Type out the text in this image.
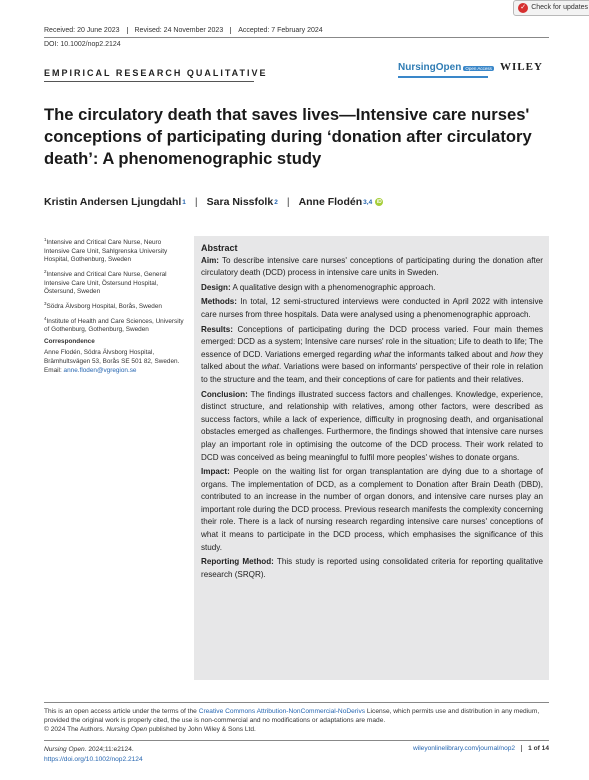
✓ Check for updates
Received: 20 June 2023	Revised: 24 November 2023	Accepted: 7 February 2024
DOI: 10.1002/nop2.2124
EMPIRICAL RESEARCH QUALITATIVE	NursingOpen Open Access WILEY
The circulatory death that saves lives—Intensive care nurses' conceptions of participating during ‘donation after circulatory death’: A phenomenographic study
Kristin Andersen Ljungdahl 1 | Sara Nissfolk 2 | Anne Flodén 3,4 iD

$^1$Intensive and Critical Care Nurse, Neuro Intensive Care Unit, Sahlgrenska University Hospital, Gothenburg, Sweden

$^2$Intensive and Critical Care Nurse, General Intensive Care Unit, Östersund Hospital, Östersund, Sweden

$^3$Södra Älvsborg Hospital, Borås, Sweden

$^4$Institute of Health and Care Sciences, University of Gothenburg, Gothenburg, Sweden

Correspondence

Anne Flodén, Södra Älvsborg Hospital, Brämhultsvägen 53, Borås SE 501 82, Sweden.
Email: anne.floden@vgregion.se

Abstract

Aim: To describe intensive care nurses' conceptions of participating during the donation after circulatory death (DCD) process in intensive care units in Sweden.

Design: A qualitative design with a phenomenographic approach.

Methods: In total, 12 semi-structured interviews were conducted in April 2022 with intensive care nurses from three hospitals. Data were analysed using a phenomenographic approach.

Results: Conceptions of participating during the DCD process varied. Four main themes emerged: DCD as a system; Intensive care nurses' role in the situation; Life to death to life; The essence of DCD. Variations emerged regarding what the informants talked about and how they talked about the what. Variations were based on informants' perspective of their role in relation to the structure and the team, and their conceptions of care for patients and their relatives.

Conclusion: The findings illustrated success factors and challenges. Knowledge, experience, distinct structure, and relationship with relatives, among other factors, were described as success factors, while a lack of experience, difficulty in prognosing death, and organisational obstacles emerged as challenges. Furthermore, the findings showed that intensive care nurses play an important role in optimising the outcome of the DCD process. Their work related to DCD was conceived as being meaningful to fulfil more peoples' wishes to donate organs.

Impact: People on the waiting list for organ transplantation are dying due to a shortage of organs. The implementation of DCD, as a complement to Donation after Brain Death (DBD), contributed to an increase in the number of organ donors, and intensive care nurses play an important role during the DCD process. Previous research manifests the complexity concerning their role. There is a lack of nursing research regarding intensive care nurses' conceptions of what it means to participate in the DCD process, which emphasises the significance of this study.

Reporting Method: This study is reported using consolidated criteria for reporting qualitative research (SRQR).

This is an open access article under the terms of the Creative Commons Attribution-NonCommercial-NoDerivs License, which permits use and distribution in any medium, provided the original work is properly cited, the use is non-commercial and no modifications or adaptations are made.
© 2024 The Authors. Nursing Open published by John Wiley & Sons Ltd.
Nursing Open. 2024;11:e2124.
https://doi.org/10.1002/nop2.2124
wileyonlinelibrary.com/journal/nop2	1 of 14
